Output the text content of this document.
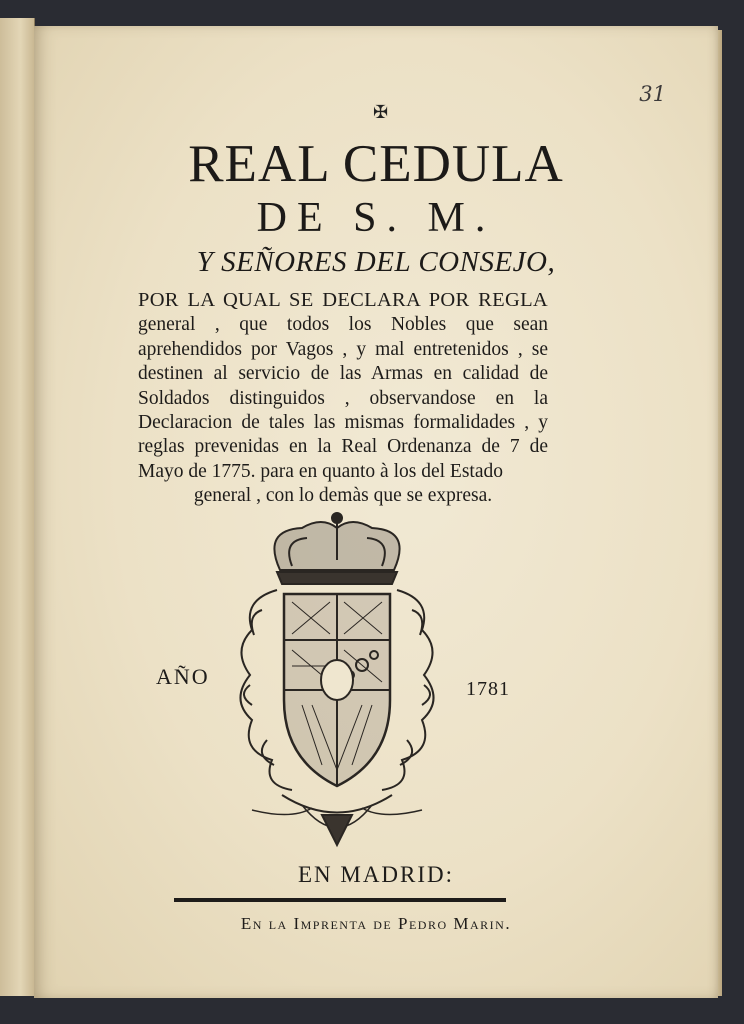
31
✠
REAL CEDULA
DE S. M.
Y SEÑORES DEL CONSEJO,
POR LA QUAL SE DECLARA POR REGLA general , que todos los Nobles que sean aprehendidos por Vagos , y mal entretenidos , se destinen al servicio de las Armas en calidad de Soldados distinguidos , observandose en la Declaracion de tales las mismas formalidades , y reglas prevenidas en la Real Ordenanza de 7 de Mayo de 1775. para en quanto à los del Estado
general , con lo demàs que se expresa.
AÑO	1781
EN MADRID:
En la Imprenta de Pedro Marin.
